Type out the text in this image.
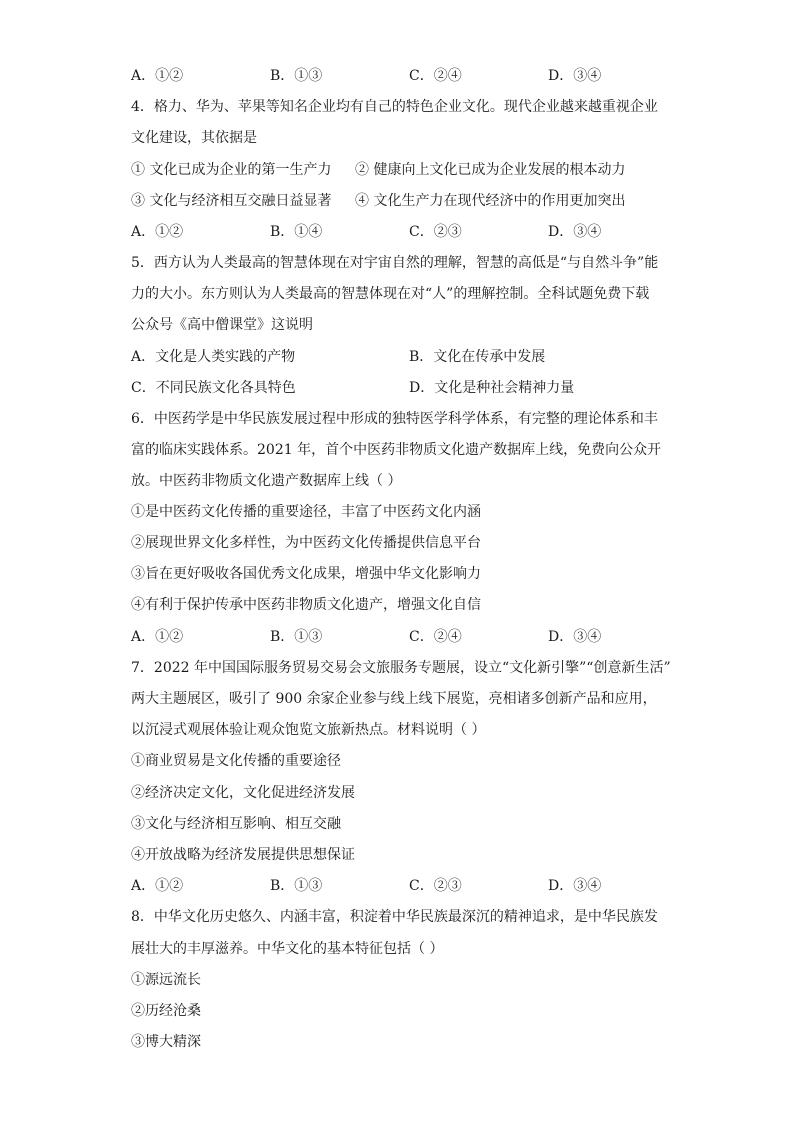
A．①②	B．①③	C．②④	D．③④
4．格力、华为、苹果等知名企业均有自己的特色企业文化。现代企业越来越重视企业
文化建设，其依据是
① 文化已成为企业的第一生产力 ② 健康向上文化已成为企业发展的根本动力
③ 文化与经济相互交融日益显著 ④ 文化生产力在现代经济中的作用更加突出
A．①②	B．①④	C．②③	D．③④
5．西方认为人类最高的智慧体现在对宇宙自然的理解，智慧的高低是“与自然斗争”能
力的大小。东方则认为人类最高的智慧体现在对“人”的理解控制。全科试题免费下载
公众号《高中僧课堂》这说明
A．文化是人类实践的产物	B．文化在传承中发展
C．不同民族文化各具特色	D．文化是种社会精神力量
6．中医药学是中华民族发展过程中形成的独特医学科学体系，有完整的理论体系和丰
富的临床实践体系。2021 年，首个中医药非物质文化遗产数据库上线，免费向公众开
放。中医药非物质文化遗产数据库上线（ ）
①是中医药文化传播的重要途径，丰富了中医药文化内涵
②展现世界文化多样性，为中医药文化传播提供信息平台
③旨在更好吸收各国优秀文化成果，增强中华文化影响力
④有利于保护传承中医药非物质文化遗产，增强文化自信
A．①②	B．①③	C．②④	D．③④
7．2022 年中国国际服务贸易交易会文旅服务专题展，设立“文化新引擎”“创意新生活”
两大主题展区，吸引了 900 余家企业参与线上线下展览，亮相诸多创新产品和应用，
以沉浸式观展体验让观众饱览文旅新热点。材料说明（ ）
①商业贸易是文化传播的重要途径
②经济决定文化，文化促进经济发展
③文化与经济相互影响、相互交融
④开放战略为经济发展提供思想保证
A．①②	B．①③	C．②③	D．③④
8．中华文化历史悠久、内涵丰富，积淀着中华民族最深沉的精神追求，是中华民族发
展壮大的丰厚滋养。中华文化的基本特征包括（ ）
①源远流长
②历经沧桑
③博大精深
